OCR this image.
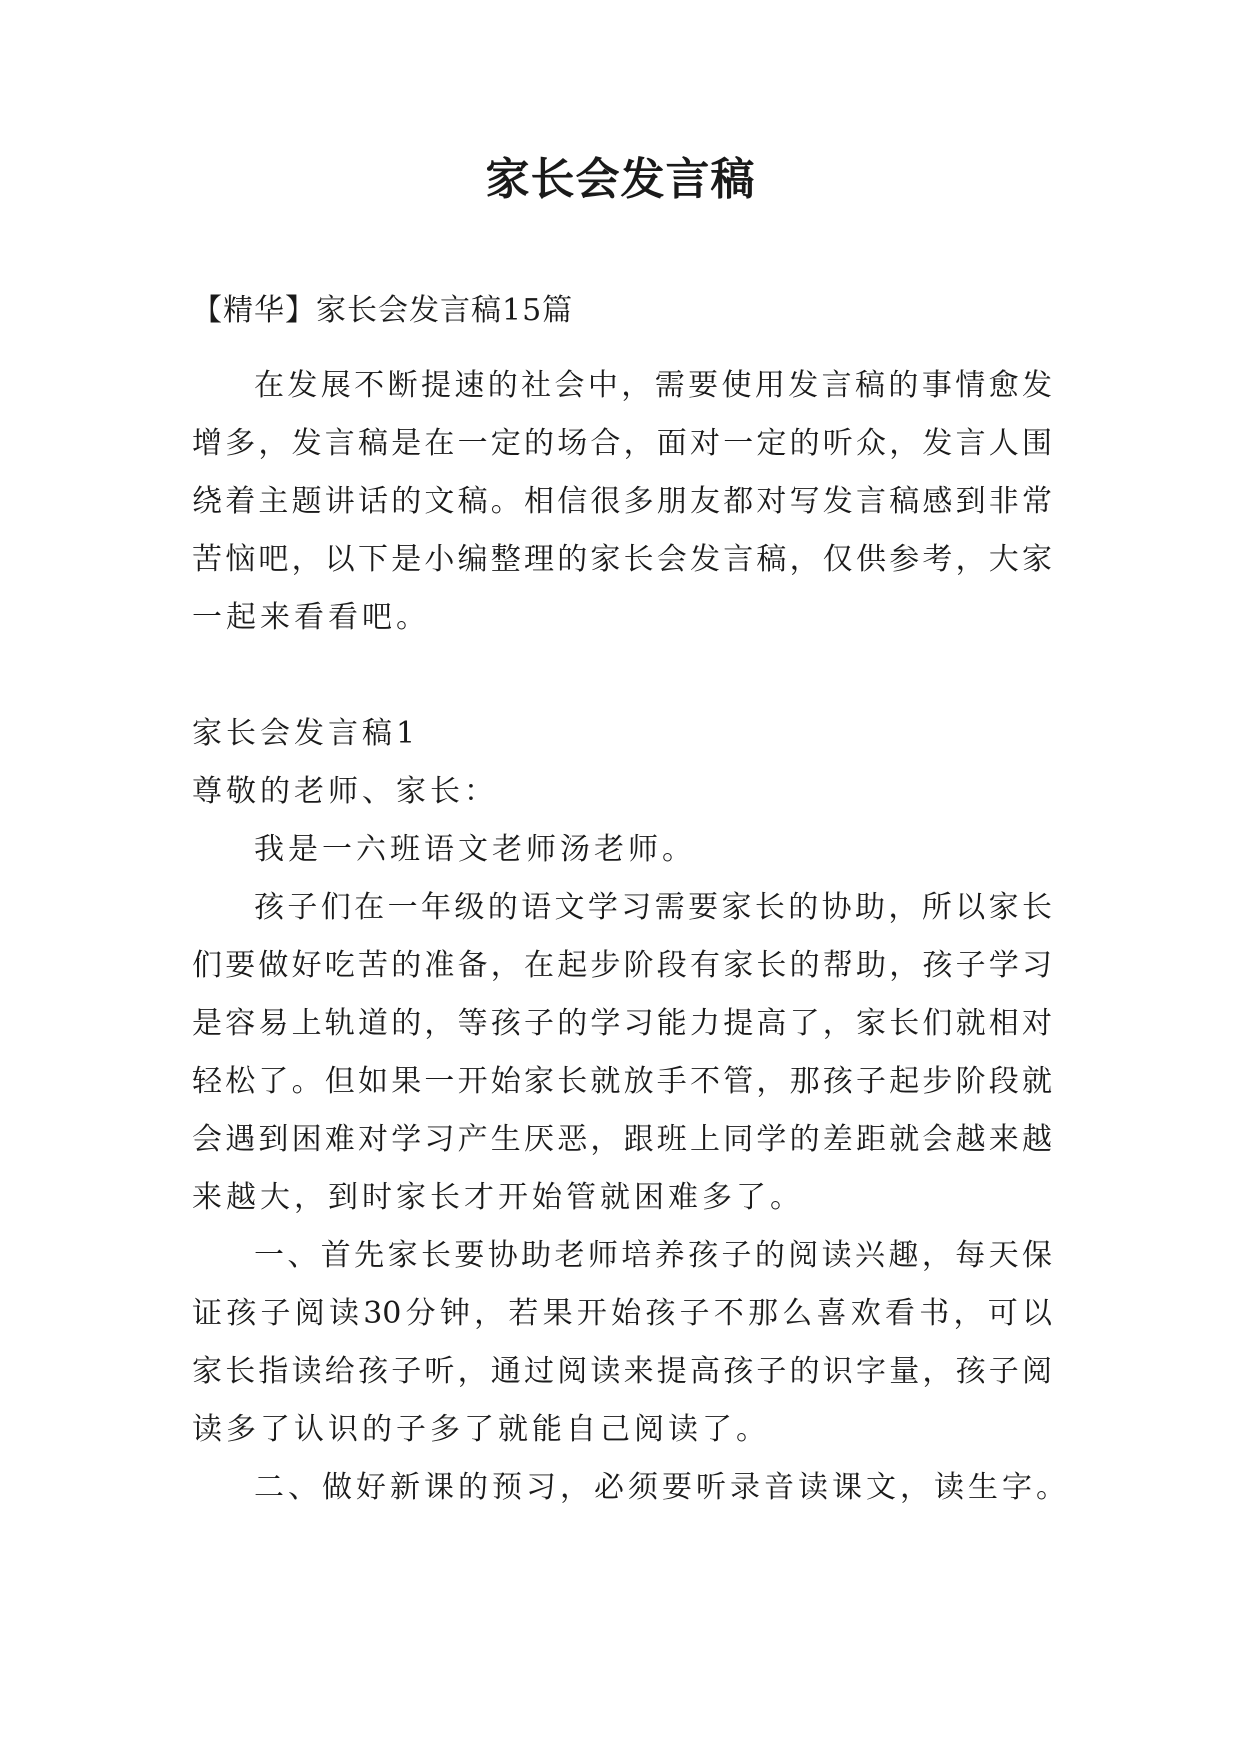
家长会发言稿

【精华】家长会发言稿15篇

在发展不断提速的社会中，需要使用发言稿的事情愈发
增多，发言稿是在一定的场合，面对一定的听众，发言人围
绕着主题讲话的文稿。相信很多朋友都对写发言稿感到非常
苦恼吧，以下是小编整理的家长会发言稿，仅供参考，大家
一起来看看吧。
家长会发言稿1
尊敬的老师、家长：
我是一六班语文老师汤老师。
孩子们在一年级的语文学习需要家长的协助，所以家长
们要做好吃苦的准备，在起步阶段有家长的帮助，孩子学习
是容易上轨道的，等孩子的学习能力提高了，家长们就相对
轻松了。但如果一开始家长就放手不管，那孩子起步阶段就
会遇到困难对学习产生厌恶，跟班上同学的差距就会越来越
来越大，到时家长才开始管就困难多了。
一、首先家长要协助老师培养孩子的阅读兴趣，每天保
证孩子阅读30分钟，若果开始孩子不那么喜欢看书，可以
家长指读给孩子听，通过阅读来提高孩子的识字量，孩子阅
读多了认识的子多了就能自己阅读了。
二、做好新课的预习，必须要听录音读课文，读生字。
